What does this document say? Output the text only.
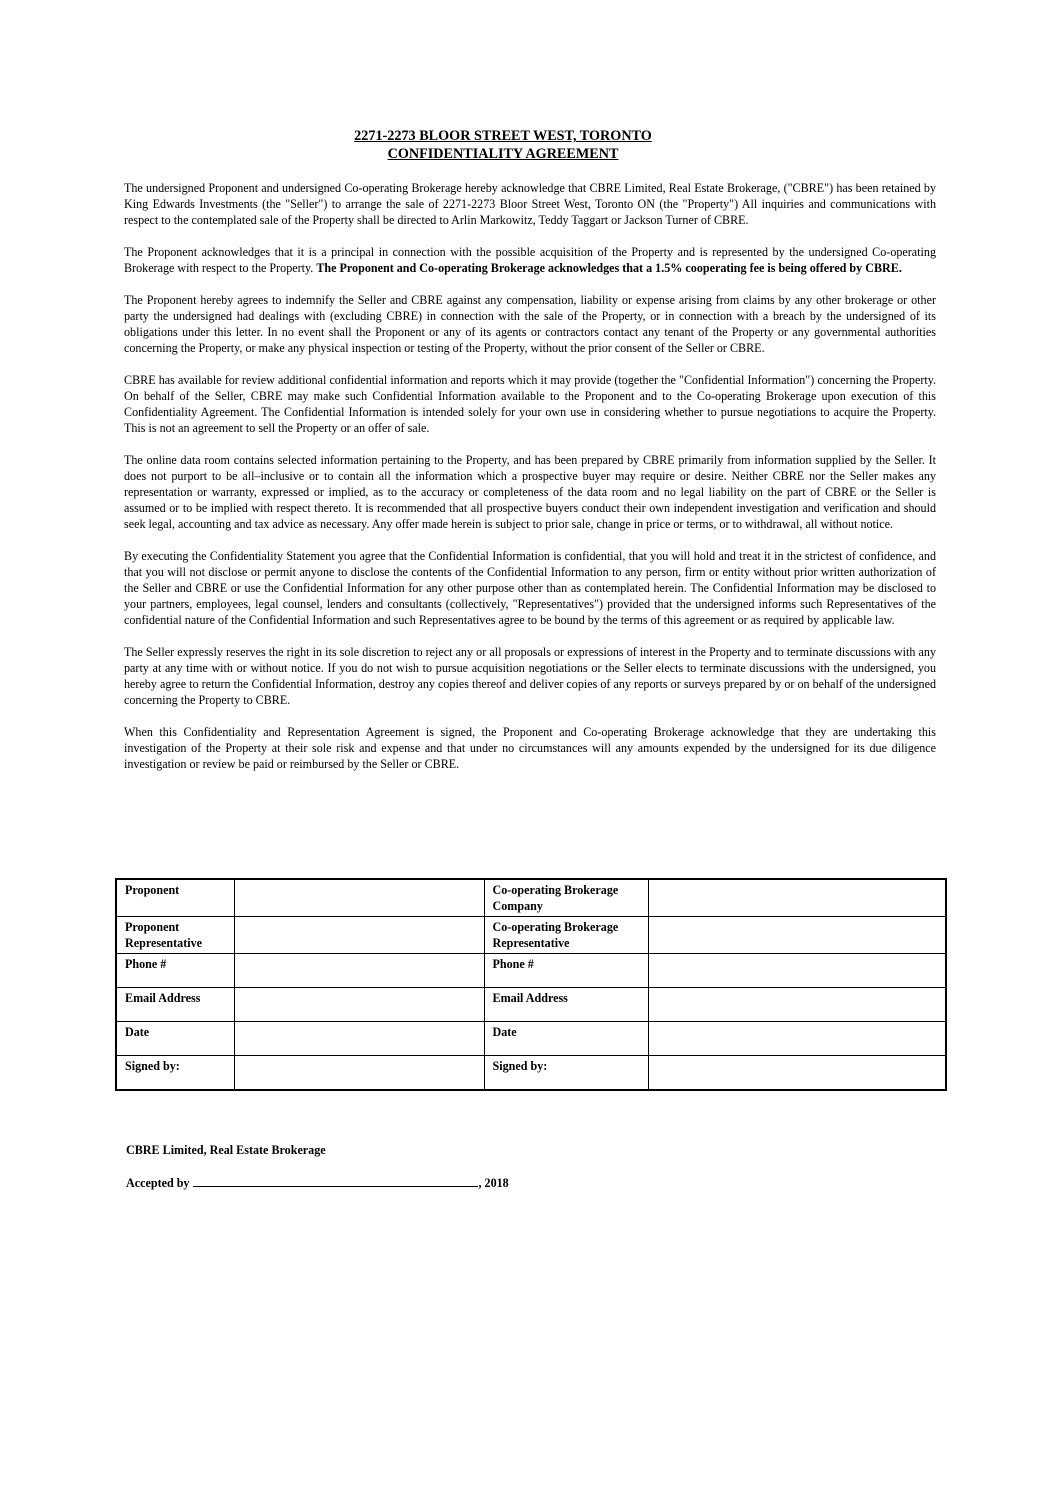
2271-2273 BLOOR STREET WEST, TORONTO
CONFIDENTIALITY AGREEMENT

The undersigned Proponent and undersigned Co-operating Brokerage hereby acknowledge that CBRE Limited, Real Estate Brokerage, ("CBRE") has been retained by King Edwards Investments (the "Seller") to arrange the sale of 2271-2273 Bloor Street West, Toronto ON (the "Property") All inquiries and communications with respect to the contemplated sale of the Property shall be directed to Arlin Markowitz, Teddy Taggart or Jackson Turner of CBRE.

The Proponent acknowledges that it is a principal in connection with the possible acquisition of the Property and is represented by the undersigned Co-operating Brokerage with respect to the Property. The Proponent and Co-operating Brokerage acknowledges that a 1.5% cooperating fee is being offered by CBRE.

The Proponent hereby agrees to indemnify the Seller and CBRE against any compensation, liability or expense arising from claims by any other brokerage or other party the undersigned had dealings with (excluding CBRE) in connection with the sale of the Property, or in connection with a breach by the undersigned of its obligations under this letter. In no event shall the Proponent or any of its agents or contractors contact any tenant of the Property or any governmental authorities concerning the Property, or make any physical inspection or testing of the Property, without the prior consent of the Seller or CBRE.

CBRE has available for review additional confidential information and reports which it may provide (together the "Confidential Information") concerning the Property. On behalf of the Seller, CBRE may make such Confidential Information available to the Proponent and to the Co-operating Brokerage upon execution of this Confidentiality Agreement. The Confidential Information is intended solely for your own use in considering whether to pursue negotiations to acquire the Property. This is not an agreement to sell the Property or an offer of sale.

The online data room contains selected information pertaining to the Property, and has been prepared by CBRE primarily from information supplied by the Seller. It does not purport to be all–inclusive or to contain all the information which a prospective buyer may require or desire. Neither CBRE nor the Seller makes any representation or warranty, expressed or implied, as to the accuracy or completeness of the data room and no legal liability on the part of CBRE or the Seller is assumed or to be implied with respect thereto. It is recommended that all prospective buyers conduct their own independent investigation and verification and should seek legal, accounting and tax advice as necessary. Any offer made herein is subject to prior sale, change in price or terms, or to withdrawal, all without notice.

By executing the Confidentiality Statement you agree that the Confidential Information is confidential, that you will hold and treat it in the strictest of confidence, and that you will not disclose or permit anyone to disclose the contents of the Confidential Information to any person, firm or entity without prior written authorization of the Seller and CBRE or use the Confidential Information for any other purpose other than as contemplated herein. The Confidential Information may be disclosed to your partners, employees, legal counsel, lenders and consultants (collectively, "Representatives") provided that the undersigned informs such Representatives of the confidential nature of the Confidential Information and such Representatives agree to be bound by the terms of this agreement or as required by applicable law.

The Seller expressly reserves the right in its sole discretion to reject any or all proposals or expressions of interest in the Property and to terminate discussions with any party at any time with or without notice. If you do not wish to pursue acquisition negotiations or the Seller elects to terminate discussions with the undersigned, you hereby agree to return the Confidential Information, destroy any copies thereof and deliver copies of any reports or surveys prepared by or on behalf of the undersigned concerning the Property to CBRE.

When this Confidentiality and Representation Agreement is signed, the Proponent and Co-operating Brokerage acknowledge that they are undertaking this investigation of the Property at their sole risk and expense and that under no circumstances will any amounts expended by the undersigned for its due diligence investigation or review be paid or reimbursed by the Seller or CBRE.

Proponent		Co-operating Brokerage Company	
Proponent Representative		Co-operating Brokerage Representative	
Phone #		Phone #	
Email Address		Email Address	
Date		Date	
Signed by:		Signed by:	
CBRE Limited, Real Estate Brokerage
Accepted by	, 2018
